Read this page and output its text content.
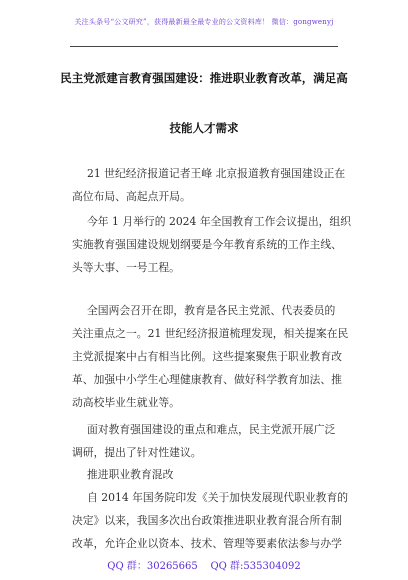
关注头条号“公文研究”，获得最新最全最专业的公文资料库！ 微信：gongwenyj
民主党派建言教育强国建设：推进职业教育改革，满足高
技能人才需求
21 世纪经济报道记者王峰 北京报道教育强国建设正在
高位布局、高起点开局。
今年 1 月举行的 2024 年全国教育工作会议提出，组织
实施教育强国建设规划纲要是今年教育系统的工作主线、
头等大事、一号工程。
全国两会召开在即，教育是各民主党派、代表委员的
关注重点之一。21 世纪经济报道梳理发现，相关提案在民
主党派提案中占有相当比例。这些提案聚焦于职业教育改
革、加强中小学生心理健康教育、做好科学教育加法、推
动高校毕业生就业等。
面对教育强国建设的重点和难点，民主党派开展广泛
调研，提出了针对性建议。
推进职业教育混改
自 2014 年国务院印发《关于加快发展现代职业教育的
决定》以来，我国多次出台政策推进职业教育混合所有制
改革，允许企业以资本、技术、管理等要素依法参与办学
QQ 群：30265665 QQ 群:535304092
